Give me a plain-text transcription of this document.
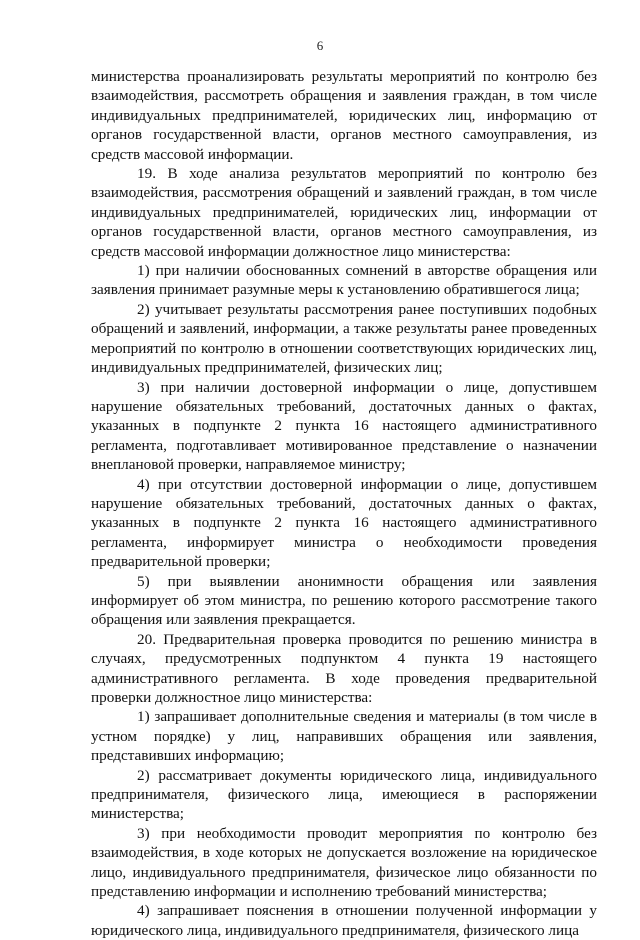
6

министерства проанализировать результаты мероприятий по контролю без взаимодействия, рассмотреть обращения и заявления граждан, в том числе индивидуальных предпринимателей, юридических лиц, информацию от органов государственной власти, органов местного самоуправления, из средств массовой информации.

19. В ходе анализа результатов мероприятий по контролю без взаимодействия, рассмотрения обращений и заявлений граждан, в том числе индивидуальных предпринимателей, юридических лиц, информации от органов государственной власти, органов местного самоуправления, из средств массовой информации должностное лицо министерства:

1) при наличии обоснованных сомнений в авторстве обращения или заявления принимает разумные меры к установлению обратившегося лица;

2) учитывает результаты рассмотрения ранее поступивших подобных обращений и заявлений, информации, а также результаты ранее проведенных мероприятий по контролю в отношении соответствующих юридических лиц, индивидуальных предпринимателей, физических лиц;

3) при наличии достоверной информации о лице, допустившем нарушение обязательных требований, достаточных данных о фактах, указанных в подпункте 2 пункта 16 настоящего административного регламента, подготавливает мотивированное представление о назначении внеплановой проверки, направляемое министру;

4) при отсутствии достоверной информации о лице, допустившем нарушение обязательных требований, достаточных данных о фактах, указанных в подпункте 2 пункта 16 настоящего административного регламента, информирует министра о необходимости проведения предварительной проверки;

5) при выявлении анонимности обращения или заявления информирует об этом министра, по решению которого рассмотрение такого обращения или заявления прекращается.

20. Предварительная проверка проводится по решению министра в случаях, предусмотренных подпунктом 4 пункта 19 настоящего административного регламента. В ходе проведения предварительной проверки должностное лицо министерства:

1) запрашивает дополнительные сведения и материалы (в том числе в устном порядке) у лиц, направивших обращения или заявления, представивших информацию;

2) рассматривает документы юридического лица, индивидуального предпринимателя, физического лица, имеющиеся в распоряжении министерства;

3) при необходимости проводит мероприятия по контролю без взаимодействия, в ходе которых не допускается возложение на юридическое лицо, индивидуального предпринимателя, физическое лицо обязанности по представлению информации и исполнению требований министерства;

4) запрашивает пояснения в отношении полученной информации у юридического лица, индивидуального предпринимателя, физического лица
